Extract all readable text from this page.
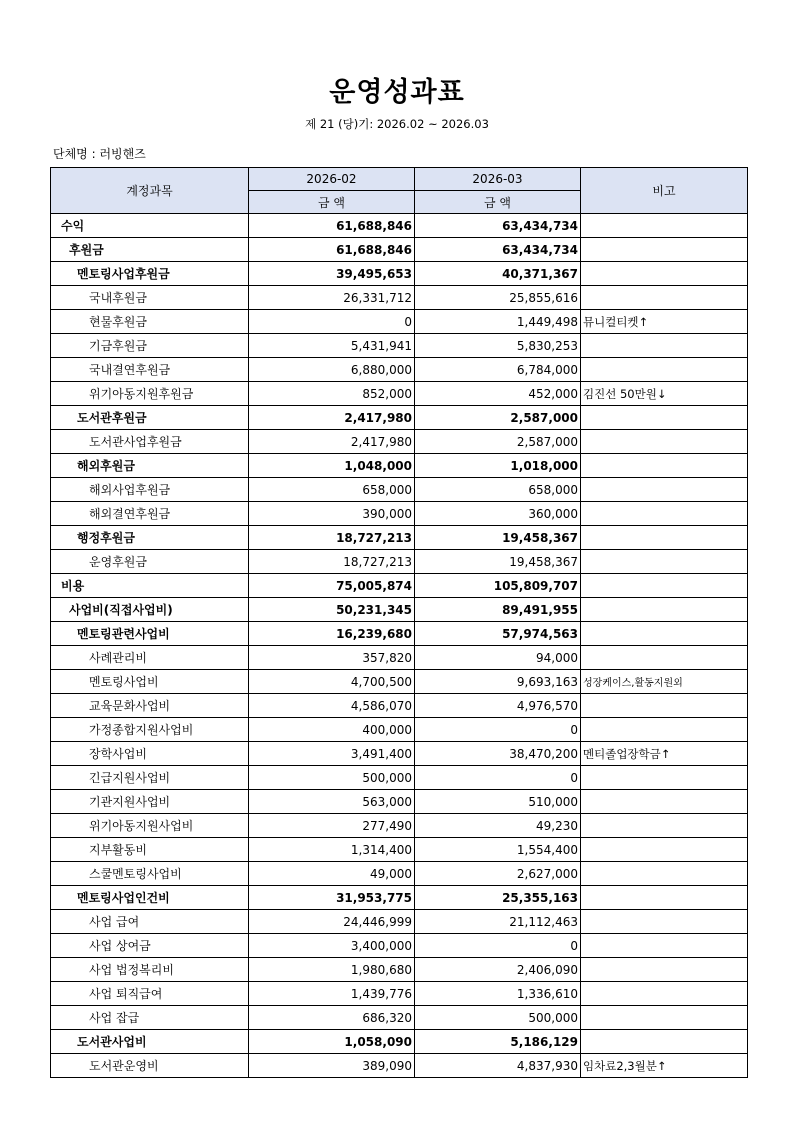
운영성과표
제 21 (당)기: 2026.02 ~ 2026.03
단체명 : 러빙핸즈
계정과목	2026-02	2026-03	비고
	금 액	금 액	
수익	61,688,846	63,434,734	
후원금	61,688,846	63,434,734	
멘토링사업후원금	39,495,653	40,371,367	
국내후원금	26,331,712	25,855,616	
현물후원금	0	1,449,498	뮤니컬티켓↑
기금후원금	5,431,941	5,830,253	
국내결연후원금	6,880,000	6,784,000	
위기아동지원후원금	852,000	452,000	김진선 50만원↓
도서관후원금	2,417,980	2,587,000	
도서관사업후원금	2,417,980	2,587,000	
해외후원금	1,048,000	1,018,000	
해외사업후원금	658,000	658,000	
해외결연후원금	390,000	360,000	
행정후원금	18,727,213	19,458,367	
운영후원금	18,727,213	19,458,367	
비용	75,005,874	105,809,707	
사업비(직접사업비)	50,231,345	89,491,955	
멘토링관련사업비	16,239,680	57,974,563	
사례관리비	357,820	94,000	
멘토링사업비	4,700,500	9,693,163	성장케이스,활동지원외
교육문화사업비	4,586,070	4,976,570	
가정종합지원사업비	400,000	0	
장학사업비	3,491,400	38,470,200	멘티졸업장학금↑
긴급지원사업비	500,000	0	
기관지원사업비	563,000	510,000	
위기아동지원사업비	277,490	49,230	
지부활동비	1,314,400	1,554,400	
스쿨멘토링사업비	49,000	2,627,000	
멘토링사업인건비	31,953,775	25,355,163	
사업 급여	24,446,999	21,112,463	
사업 상여금	3,400,000	0	
사업 법정복리비	1,980,680	2,406,090	
사업 퇴직급여	1,439,776	1,336,610	
사업 잡급	686,320	500,000	
도서관사업비	1,058,090	5,186,129	
도서관운영비	389,090	4,837,930	임차료2,3월분↑
